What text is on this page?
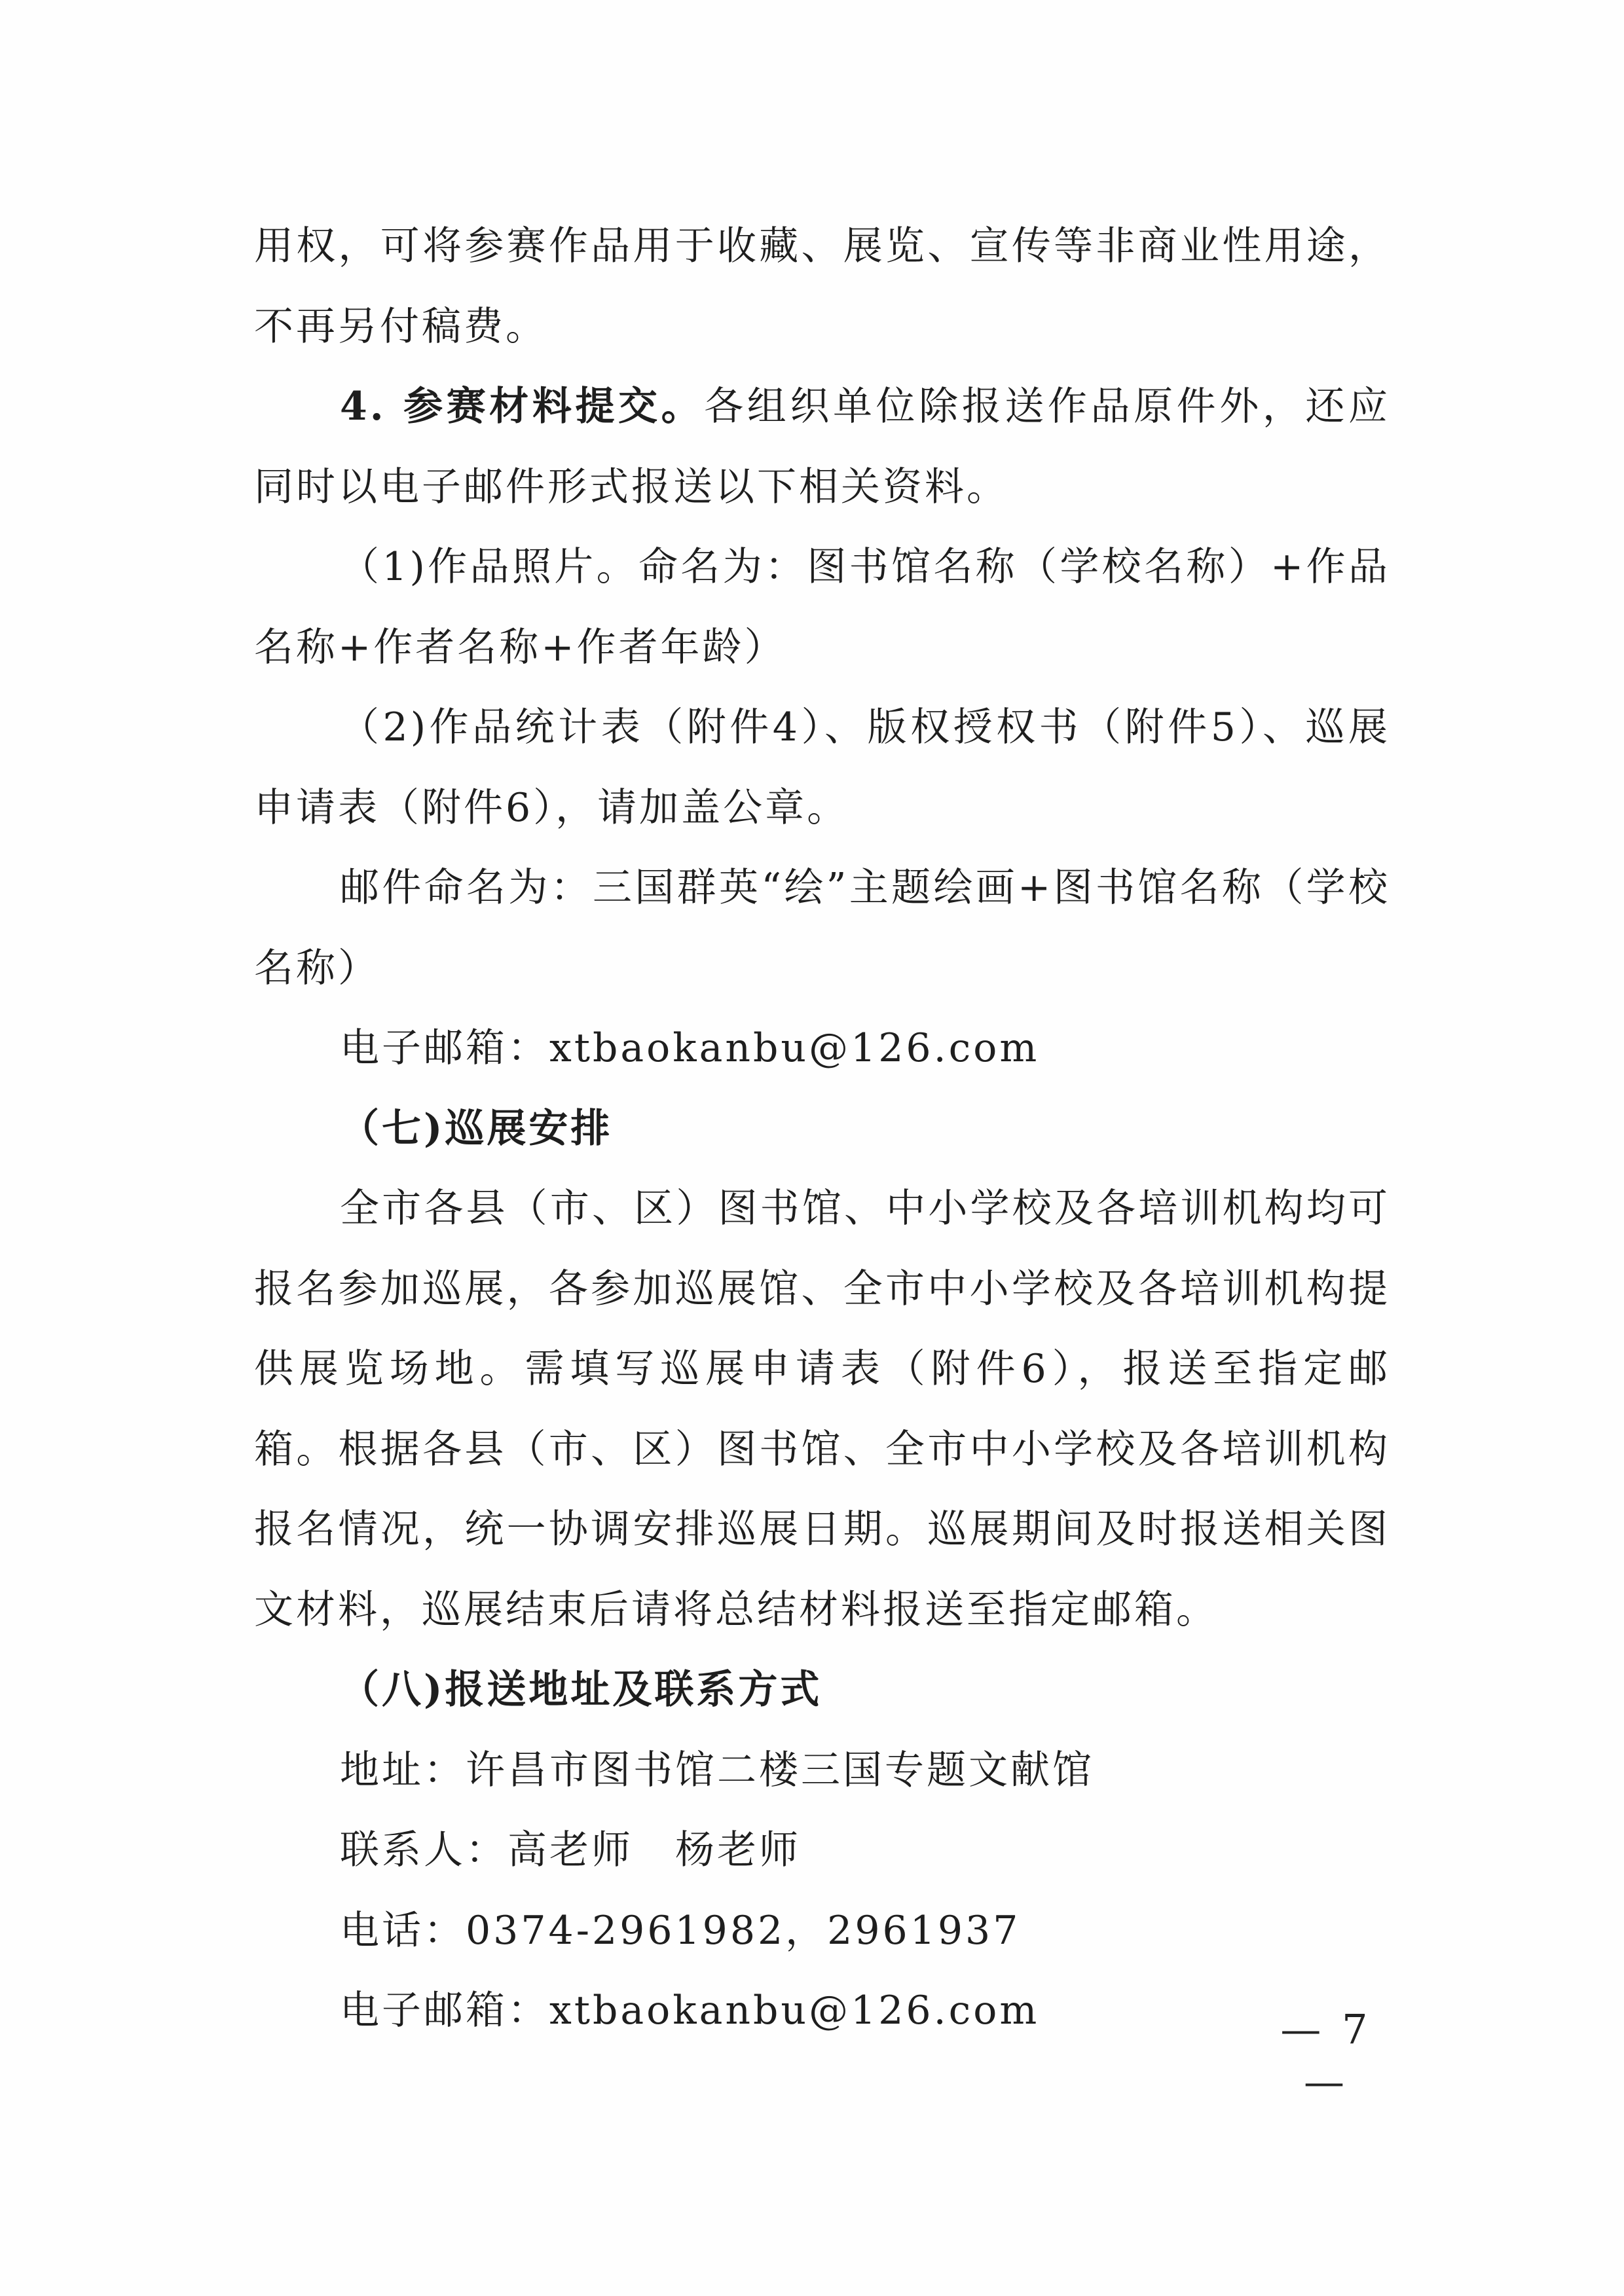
用权，可将参赛作品用于收藏、展览、宣传等非商业性用途，不再另付稿费。

4. 参赛材料提交。各组织单位除报送作品原件外，还应同时以电子邮件形式报送以下相关资料。

（1)作品照片。命名为：图书馆名称（学校名称）+作品名称+作者名称+作者年龄）

（2)作品统计表（附件4）、版权授权书（附件5）、巡展申请表（附件6），请加盖公章。

邮件命名为：三国群英“绘”主题绘画+图书馆名称（学校名称）

电子邮箱：xtbaokanbu@126.com

（七)巡展安排

全市各县（市、区）图书馆、中小学校及各培训机构均可报名参加巡展，各参加巡展馆、全市中小学校及各培训机构提供展览场地。需填写巡展申请表（附件6），报送至指定邮箱。根据各县（市、区）图书馆、全市中小学校及各培训机构报名情况，统一协调安排巡展日期。巡展期间及时报送相关图文材料，巡展结束后请将总结材料报送至指定邮箱。

（八)报送地址及联系方式

地址：许昌市图书馆二楼三国专题文献馆

联系人：高老师　杨老师

电话：0374-2961982，2961937

电子邮箱：xtbaokanbu@126.com	— 7 —
